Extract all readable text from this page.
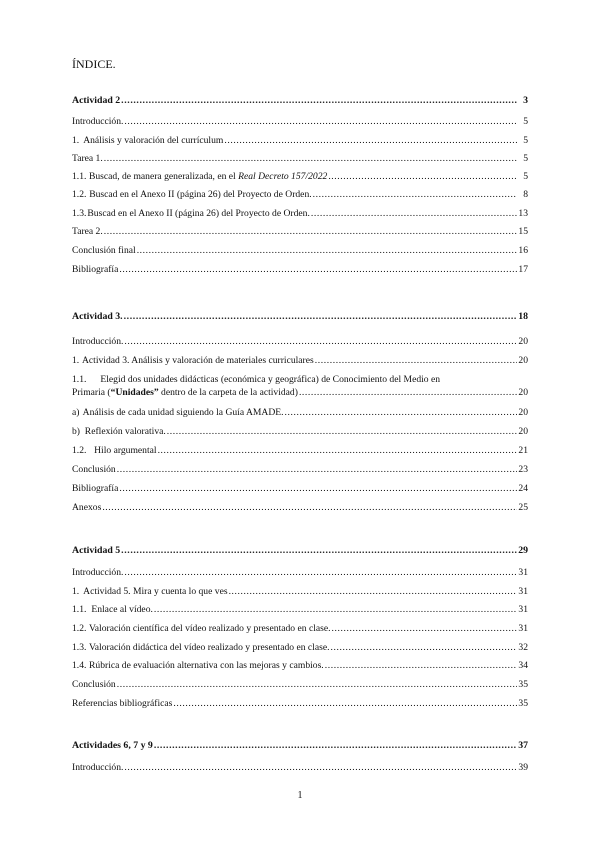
ÍNDICE.
Actividad 2 .....	3
Introducción. .....	5
1. Análisis y valoración del currículum .....	5
Tarea 1. .....	5
1.1. Buscad, de manera generalizada, en el Real Decreto 157/2022 .....	5
1.2. Buscad en el Anexo II (página 26) del Proyecto de Orden. .....	8
1.3. Buscad en el Anexo II (página 26) del Proyecto de Orden. .....	13
Tarea 2. .....	15
Conclusión final .....	16
Bibliografía .....	17
Actividad 3. .....	18
Introducción. .....	20
1. Actividad 3. Análisis y valoración de materiales curriculares .....	20
1.1. Elegid dos unidades didácticas (económica y geográfica) de Conocimiento del Medio en
Primaria (“Unidades” dentro de la carpeta de la actividad) .....	20
a) Análisis de cada unidad siguiendo la Guía AMADE. .....	20
b) Reflexión valorativa. .....	20
1.2. Hilo argumental .....	21
Conclusión .....	23
Bibliografía .....	24
Anexos .....	25
Actividad 5 .....	29
Introducción. .....	31
1. Actividad 5. Mira y cuenta lo que ves .....	31
1.1. Enlace al vídeo. .....	31
1.2. Valoración científica del vídeo realizado y presentado en clase. .....	31
1.3. Valoración didáctica del vídeo realizado y presentado en clase. .....	32
1.4. Rúbrica de evaluación alternativa con las mejoras y cambios. .....	34
Conclusión .....	35
Referencias bibliográficas .....	35
Actividades 6, 7 y 9 .....	37
Introducción. .....	39
1
